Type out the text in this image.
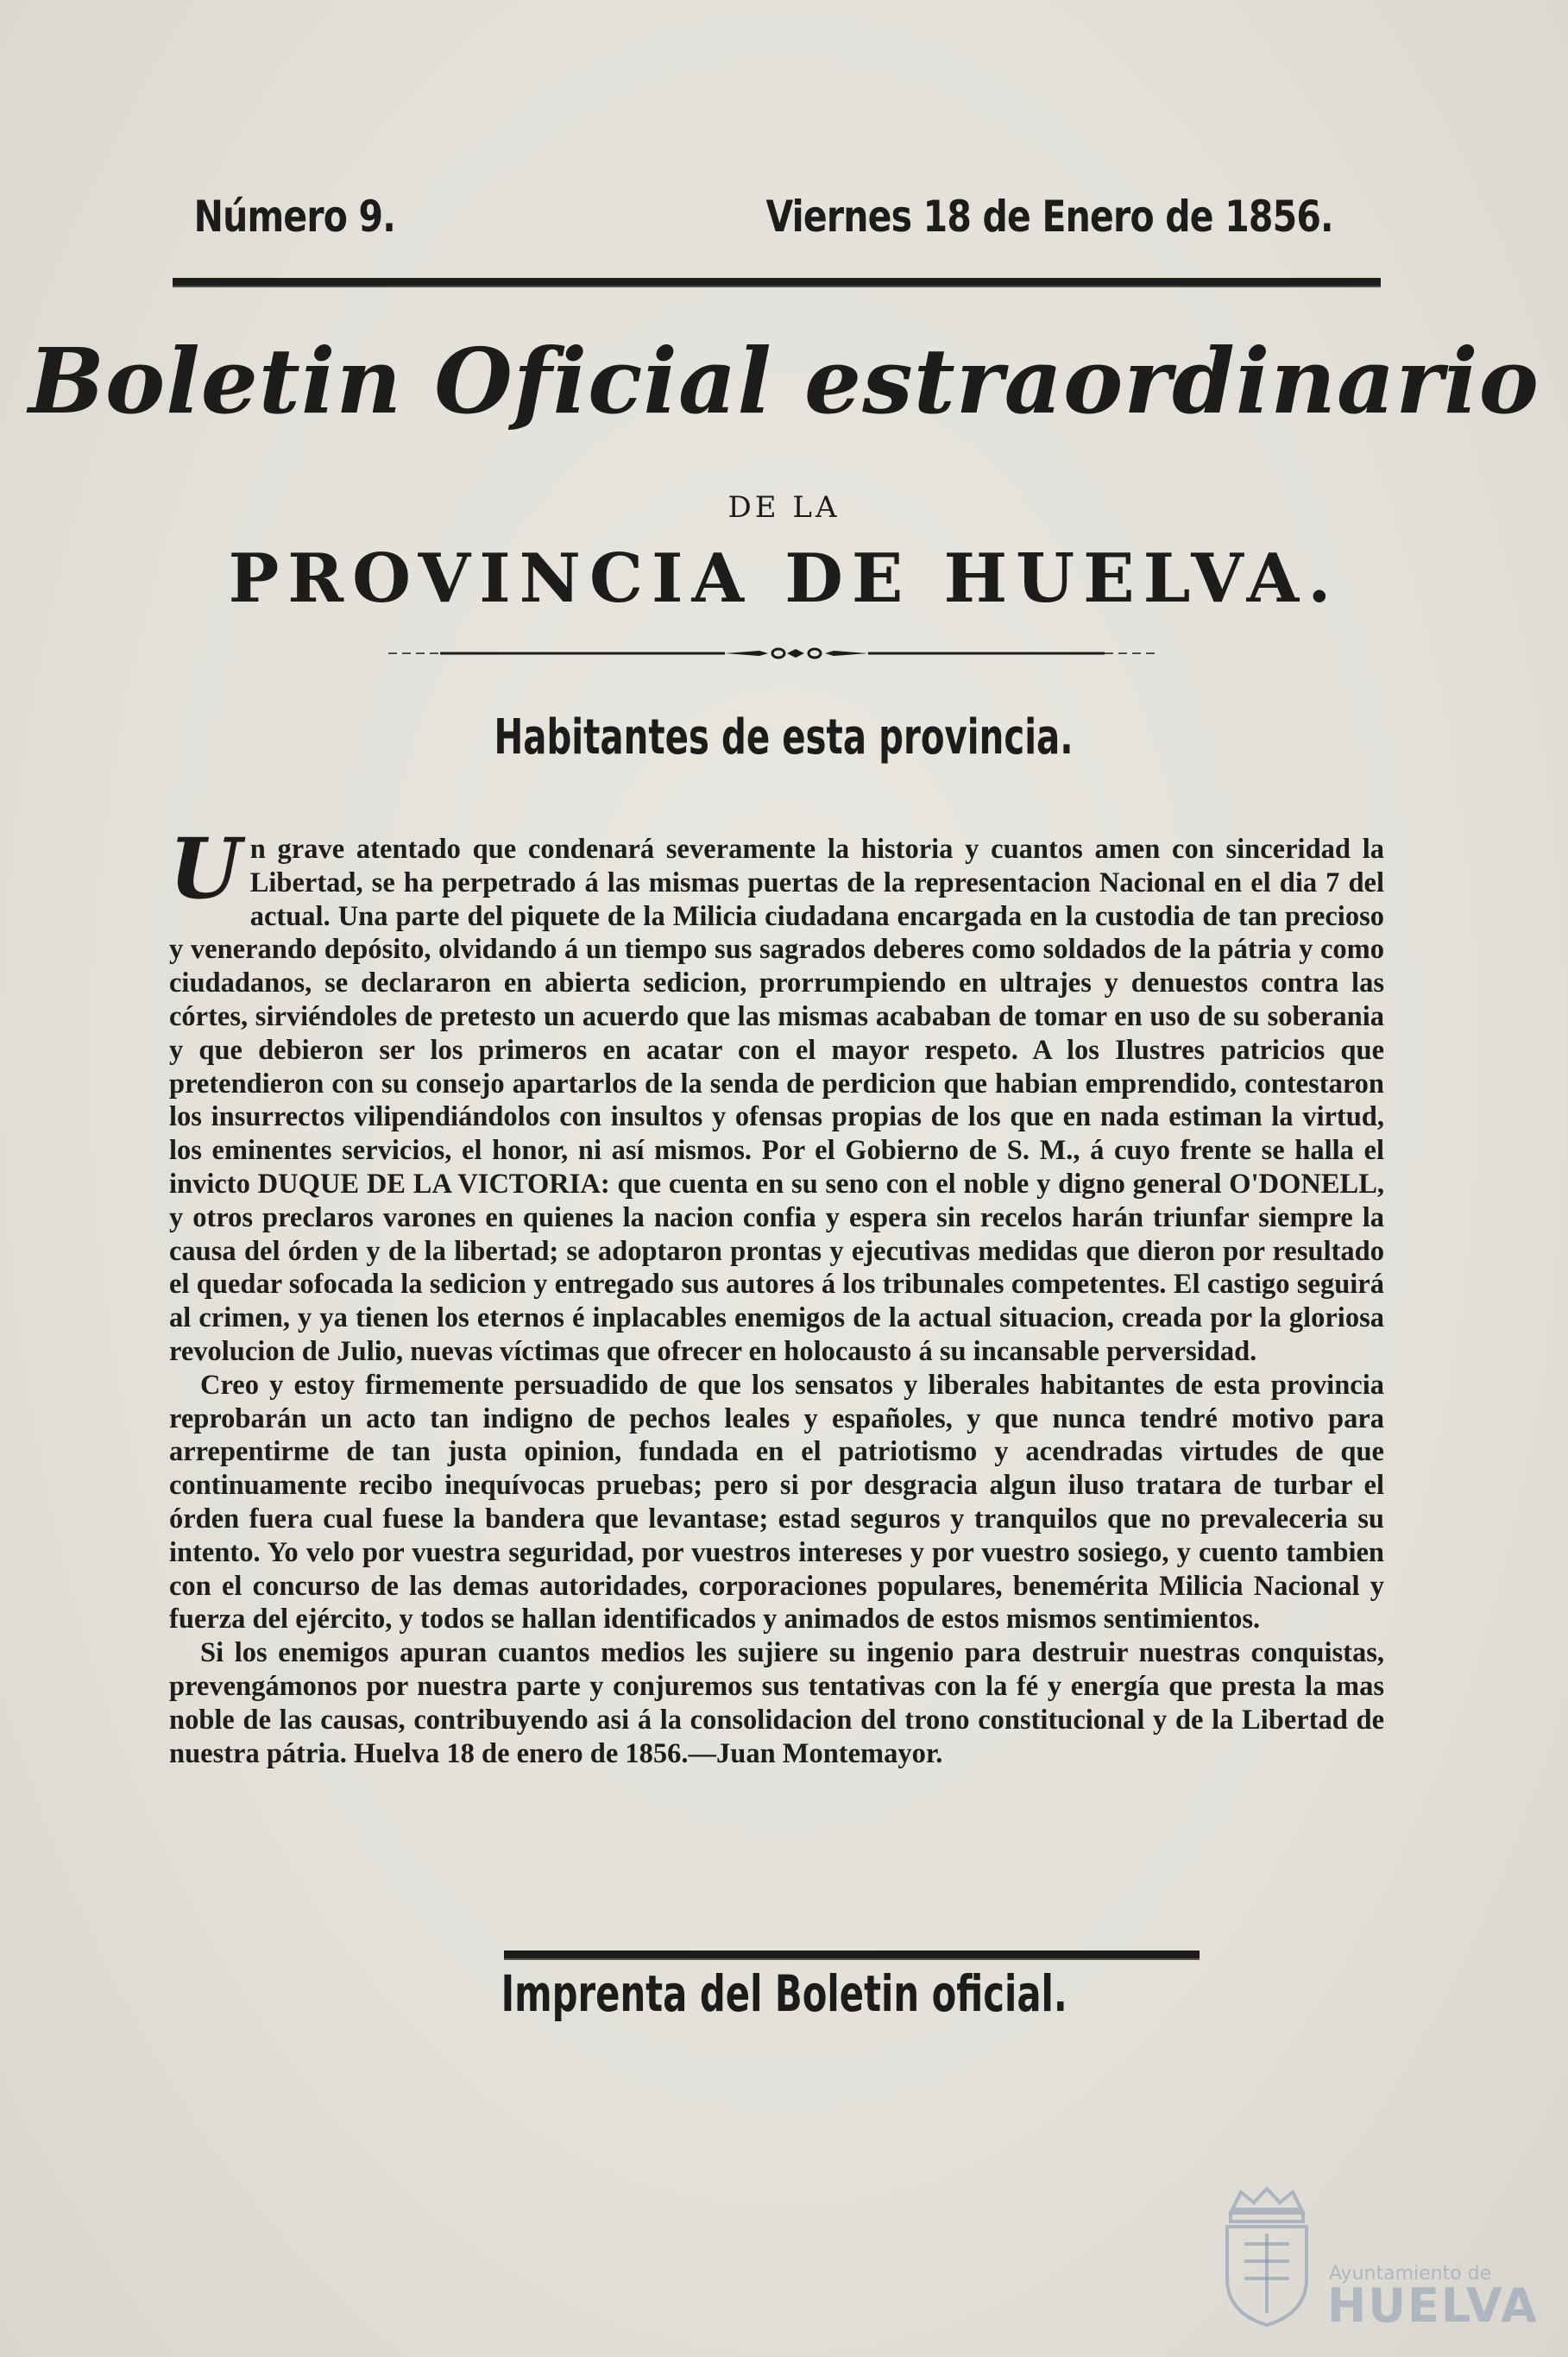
Número 9.	Viernes 18 de Enero de 1856.
Boletin Oficial estraordinario
DE LA
PROVINCIA DE HUELVA.
Habitantes de esta provincia.

Un grave atentado que condenará severamente la historia y cuantos amen con sinceridad la Libertad, se ha perpetrado á las mismas puertas de la representacion Nacional en el dia 7 del actual. Una parte del piquete de la Milicia ciudadana encargada en la custodia de tan precioso y venerando depósito, olvidando á un tiempo sus sagrados deberes como soldados de la pátria y como ciudadanos, se declararon en abierta sedicion, prorrumpiendo en ultrajes y denuestos contra las córtes, sirviéndoles de pretesto un acuerdo que las mismas acababan de tomar en uso de su soberania y que debieron ser los primeros en acatar con el mayor respeto. A los Ilustres patricios que pretendieron con su consejo apartarlos de la senda de perdicion que habian emprendido, contestaron los insurrectos vilipendiándolos con insultos y ofensas propias de los que en nada estiman la virtud, los eminentes servicios, el honor, ni así mismos. Por el Gobierno de S. M., á cuyo frente se halla el invicto DUQUE DE LA VICTORIA: que cuenta en su seno con el noble y digno general O'DONELL, y otros preclaros varones en quienes la nacion confia y espera sin recelos harán triunfar siempre la causa del órden y de la libertad; se adoptaron prontas y ejecutivas medidas que dieron por resultado el quedar sofocada la sedicion y entregado sus autores á los tribunales competentes. El castigo seguirá al crimen, y ya tienen los eternos é inplacables enemigos de la actual situacion, creada por la gloriosa revolucion de Julio, nuevas víctimas que ofrecer en holocausto á su incansable perversidad.

Creo y estoy firmemente persuadido de que los sensatos y liberales habitantes de esta provincia reprobarán un acto tan indigno de pechos leales y españoles, y que nunca tendré motivo para arrepentirme de tan justa opinion, fundada en el patriotismo y acendradas virtudes de que continuamente recibo inequívocas pruebas; pero si por desgracia algun iluso tratara de turbar el órden fuera cual fuese la bandera que levantase; estad seguros y tranquilos que no prevaleceria su intento. Yo velo por vuestra seguridad, por vuestros intereses y por vuestro sosiego, y cuento tambien con el concurso de las demas autoridades, corporaciones populares, benemérita Milicia Nacional y fuerza del ejército, y todos se hallan identificados y animados de estos mismos sentimientos.

Si los enemigos apuran cuantos medios les sujiere su ingenio para destruir nuestras conquistas, prevengámonos por nuestra parte y conjuremos sus tentativas con la fé y energía que presta la mas noble de las causas, contribuyendo asi á la consolidacion del trono constitucional y de la Libertad de nuestra pátria. Huelva 18 de enero de 1856.—Juan Montemayor.

Imprenta del Boletin oficial.
Ayuntamiento de
HUELVA
